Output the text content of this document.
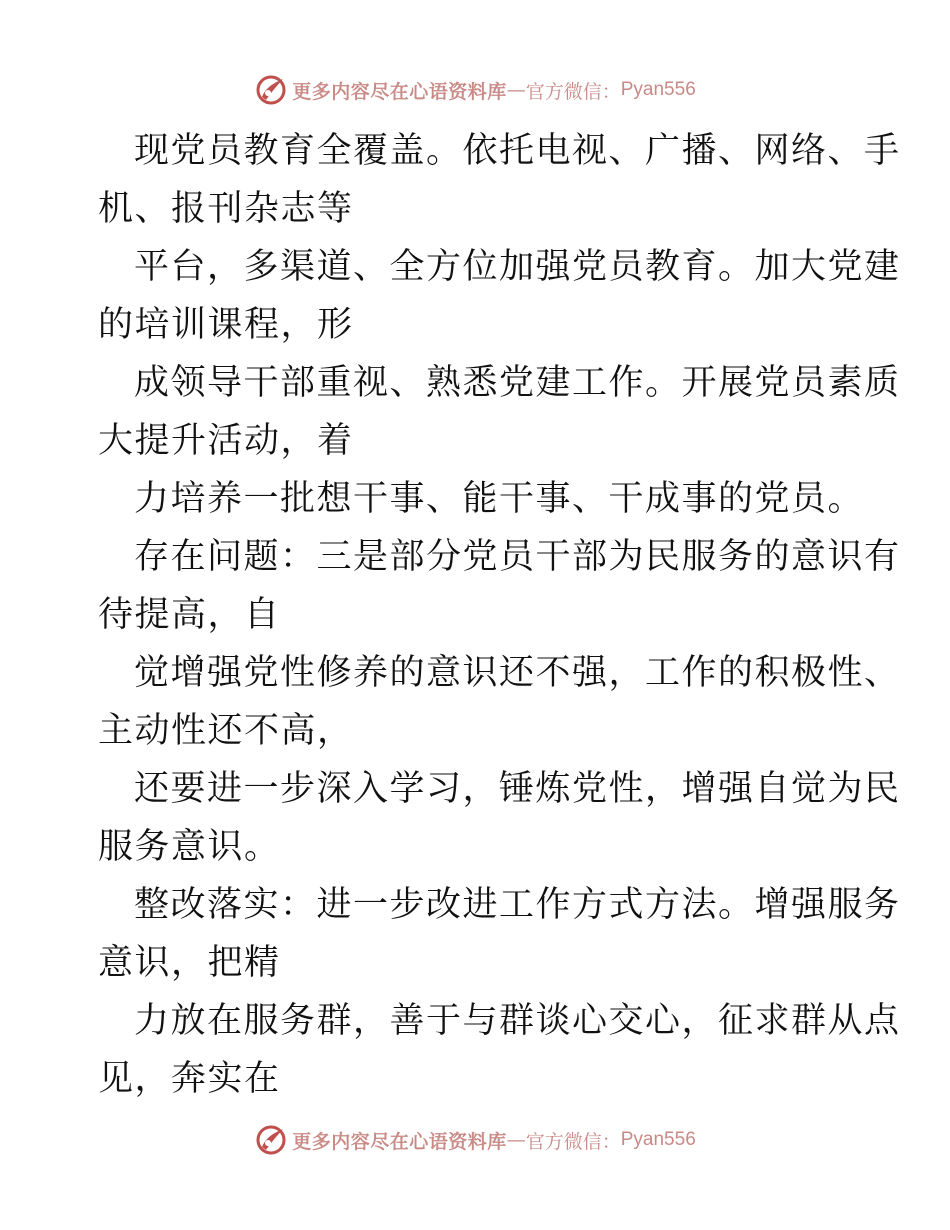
更多内容尽在心语资料库 — 官方微信： Pyan556

现党员教育全覆盖。依托电视、广播、网络、手
机、报刊杂志等

平台，多渠道、全方位加强党员教育。加大党建
的培训课程，形

成领导干部重视、熟悉党建工作。开展党员素质
大提升活动，着

力培养一批想干事、能干事、干成事的党员。

存在问题：三是部分党员干部为民服务的意识有
待提高，自

觉增强党性修养的意识还不强，工作的积极性、
主动性还不高，

还要进一步深入学习，锤炼党性，增强自觉为民
服务意识。

整改落实：进一步改进工作方式方法。增强服务
意识，把精

力放在服务群，善于与群谈心交心，征求群从点
见，奔实在

更多内容尽在心语资料库 — 官方微信： Pyan556
